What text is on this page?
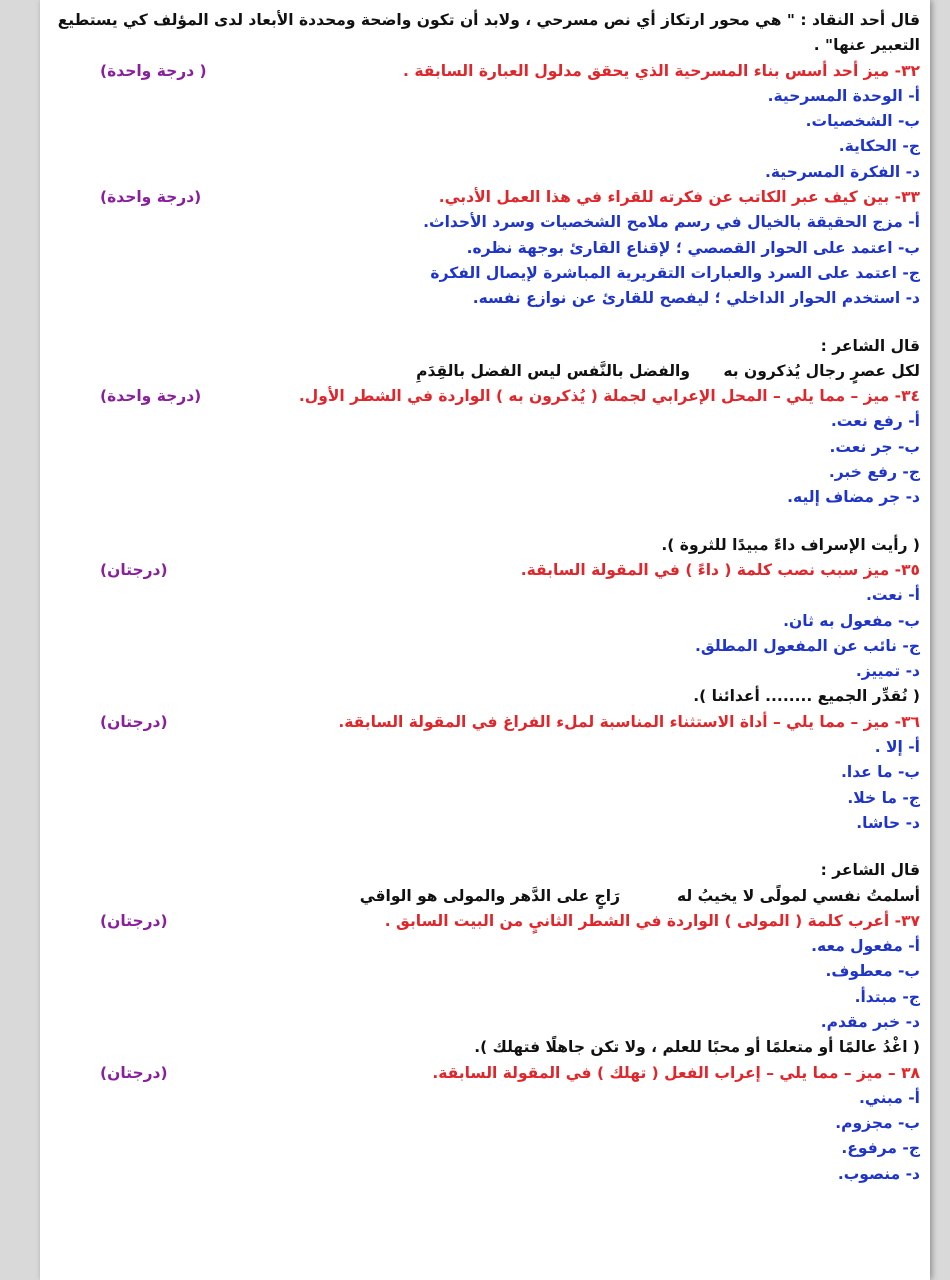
قال أحد النقاد : " هي محور ارتكاز أي نص مسرحي ، ولابد أن تكون واضحة ومحددة الأبعاد لدى المؤلف كي يستطيع التعبير عنها" .
٣٢- ميز أحد أسس بناء المسرحية الذي يحقق مدلول العبارة السابقة .
( درجة واحدة)
أ- الوحدة المسرحية.
ب- الشخصيات.
ج- الحكاية.
د- الفكرة المسرحية.
٣٣- بين كيف عبر الكاتب عن فكرته للقراء في هذا العمل الأدبي.
(درجة واحدة)
أ- مزج الحقيقة بالخيال في رسم ملامح الشخصيات وسرد الأحداث.
ب- اعتمد على الحوار القصصي ؛ لإقناع القارئ بوجهة نظره.
ج- اعتمد على السرد والعبارات التقريرية المباشرة لإيصال الفكرة
د- استخدم الحوار الداخلي ؛ ليفصح للقارئ عن نوازع نفسه.
قال الشاعر :
لكل عصرٍ رجال يُذكرون به
والفضل بالنَّفس ليس الفضل بالقِدَمِ
٣٤- ميز – مما يلي – المحل الإعرابي لجملة ( يُذكرون به ) الواردة في الشطر الأول.
(درجة واحدة)
أ- رفع نعت.
ب- جر نعت.
ج- رفع خبر.
د- جر مضاف إليه.
( رأيت الإسراف داءً مبيدًا للثروة ).
٣٥- ميز سبب نصب كلمة ( داءً ) في المقولة السابقة.
(درجتان)
أ- نعت.
ب- مفعول به ثان.
ج- نائب عن المفعول المطلق.
د- تمييز.
( نُقدِّر الجميع ........ أعدائنا ).
٣٦- ميز – مما يلي – أداة الاستثناء المناسبة لملء الفراغ في المقولة السابقة.
(درجتان)
أ- إلا .
ب- ما عدا.
ج- ما خلا.
د- حاشا.
قال الشاعر :
أسلمتُ نفسي لمولًى لا يخيبُ له
رَاجٍ على الدَّهر والمولى هو الواقي
٣٧- أعرب كلمة ( المولى ) الواردة في الشطر الثانيٍ من البيت السابق .
(درجتان)
أ- مفعول معه.
ب- معطوف.
ج- مبتدأ.
د- خبر مقدم.
( اغْدُ عالمًا أو متعلمًا أو محبًا للعلم ، ولا تكن جاهلًا فتهلك ).
٣٨ – ميز – مما يلي – إعراب الفعل ( تهلك ) في المقولة السابقة.
(درجتان)
أ- مبني.
ب- مجزوم.
ج- مرفوع.
د- منصوب.
